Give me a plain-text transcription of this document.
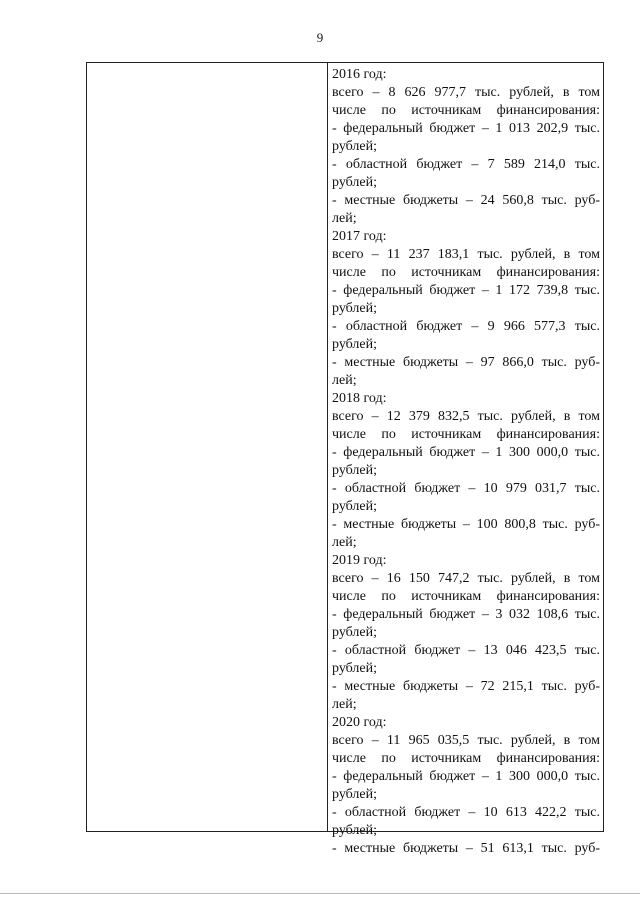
9
2016 год:
всего – 8 626 977,7 тыс. рублей, в том
числе по источникам финансирования:
- федеральный бюджет – 1 013 202,9 тыс.
рублей;
- областной бюджет – 7 589 214,0 тыс.
рублей;
- местные бюджеты – 24 560,8 тыс. руб-
лей;
2017 год:
всего – 11 237 183,1 тыс. рублей, в том
числе по источникам финансирования:
- федеральный бюджет – 1 172 739,8 тыс.
рублей;
- областной бюджет – 9 966 577,3 тыс.
рублей;
- местные бюджеты – 97 866,0 тыс. руб-
лей;
2018 год:
всего – 12 379 832,5 тыс. рублей, в том
числе по источникам финансирования:
- федеральный бюджет – 1 300 000,0 тыс.
рублей;
- областной бюджет – 10 979 031,7 тыс.
рублей;
- местные бюджеты – 100 800,8 тыс. руб-
лей;
2019 год:
всего – 16 150 747,2 тыс. рублей, в том
числе по источникам финансирования:
- федеральный бюджет – 3 032 108,6 тыс.
рублей;
- областной бюджет – 13 046 423,5 тыс.
рублей;
- местные бюджеты – 72 215,1 тыс. руб-
лей;
2020 год:
всего – 11 965 035,5 тыс. рублей, в том
числе по источникам финансирования:
- федеральный бюджет – 1 300 000,0 тыс.
рублей;
- областной бюджет – 10 613 422,2 тыс.
рублей;
- местные бюджеты – 51 613,1 тыс. руб-
